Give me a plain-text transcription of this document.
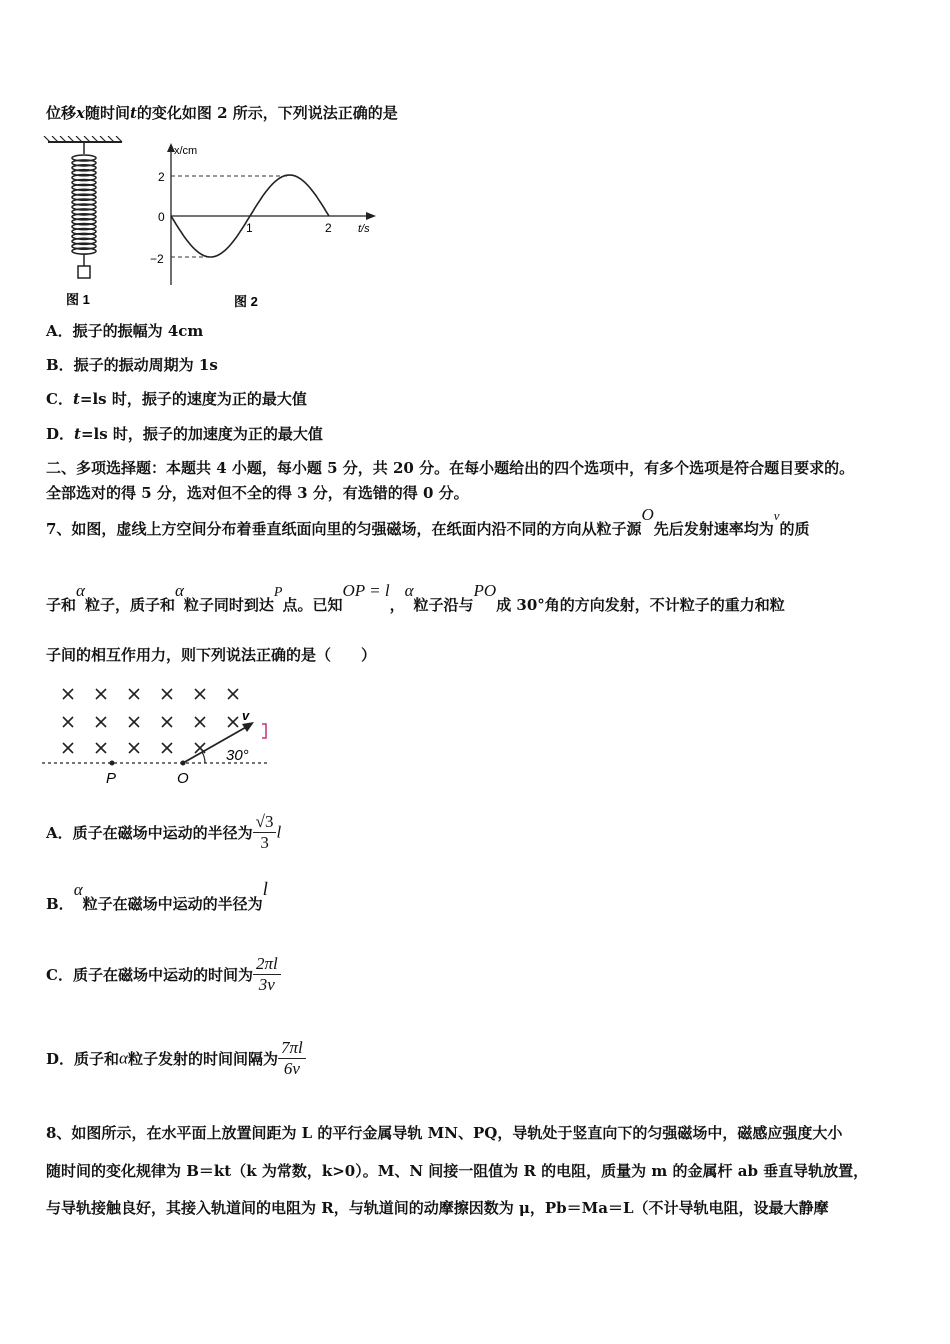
位移x随时间t的变化如图 2 所示，下列说法正确的是
图 1
x/cm
t/s
2
0
−2
1	2
图 2
A．振子的振幅为 4cm
B．振子的振动周期为 1s
C．t=ls 时，振子的速度为正的最大值
D．t=ls 时，振子的加速度为正的最大值
二、多项选择题：本题共 4 小题，每小题 5 分，共 20 分。在每小题给出的四个选项中，有多个选项是符合题目要求的。
全部选对的得 5 分，选对但不全的得 3 分，有选错的得 0 分。
7、如图，虚线上方空间分布着垂直纸面向里的匀强磁场，在纸面内沿不同的方向从粒子源O先后发射速率均为v的质
子和α粒子，质子和α粒子同时到达P点。已知OP = l，α粒子沿与PO成 30°角的方向发射，不计粒子的重力和粒
子间的相互作用力，则下列说法正确的是（　　）
v
30°
P	O
A．质子在磁场中运动的半径为 $\frac{√3}{3}$ l
B．α粒子在磁场中运动的半径为l
C．质子在磁场中运动的时间为 $\frac{2\pi l}{3v}$
D．质子和α粒子发射的时间间隔为 $\frac{7\pi l}{6v}$
8、如图所示，在水平面上放置间距为 L 的平行金属导轨 MN、PQ，导轨处于竖直向下的匀强磁场中，磁感应强度大小
随时间的变化规律为 B＝kt（k 为常数，k>0）。M、N 间接一阻值为 R 的电阻，质量为 m 的金属杆 ab 垂直导轨放置，
与导轨接触良好，其接入轨道间的电阻为 R，与轨道间的动摩擦因数为 μ，Pb＝Ma＝L（不计导轨电阻，设最大静摩
